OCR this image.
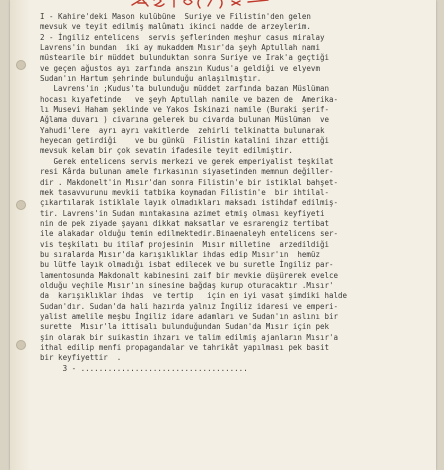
I - Kahire'deki Mason kulübüne  Suriye ve Filistin'den gelen
mevsuk ve teyit edilmiş malûmatı ikinci nadde de arzeylerim.
2 - İngiliz entelicens  servis şeflerinden meşhur casus miralay
Lavrens'in bundan  iki ay mukaddem Mısır'da şeyh Aptullah nami
müstearile bir müddet bulunduktan sonra Suriye ve Irak'a geçtiği
ve geçen ağustos ayı zarfında anszın Kudus'a geldiği ve elyevm
Sudan'ın Hartum şehrinde bulunduğu anlaşılmıştır.
Lavrens'in ;Kudus'ta bulunduğu müddet zarfında bazan Müslüman
hocası kıyafetinde   ve şeyh Aptullah namile ve bazen de  Amerika-
lı Musevi Haham şeklinde ve Yakos İskinazi namile (Buraki şerif-
Ağlama duvarı ) civarına gelerek bu civarda bulunan Müslüman  ve
Yahudi'lere  ayrı ayrı vakitlerde  zehirli telkinatta bulunarak
heyecan getirdiği    ve bu günkü  Filistin katalini ihzar ettiği
mevsuk kelam bir çok sevatin ifadesile teyit edilmiştir.
Gerek entelicens servis merkezi ve gerek emperiyalist teşkilat
resi Kârda bulunan amele fırkasının siyasetinden memnun değiller-
dir . Makdonelt'in Mısır'dan sonra Filistin'e bir istiklal bahşet-
mek tasavvurunu mevkii tatbika koymadan Filistin'e  bir ihtilal-
çıkartılarak istiklale layık olmadıkları maksadı istihdaf edilmiş-
tir. Lavrens'in Sudan mıntakasına azimet etmiş olması keyfiyeti
nin de pek ziyade şayanı dikkat maksatlar ve esrarengiz tertibat
ile alakadar olduğu temin edilmektedir.Binaenaleyh entelicens ser-
vis teşkilatı bu itilaf projesinin  Mısır milletine  arzedildiği
bu sıralarda Mısır'da karışıklıklar ihdas edip Mısır'ın  hemüz
bu lütfe layık olmadığı isbat edilecek ve bu suretle İngiliz par-
lamentosunda Makdonalt kabinesini zaif bir mevkie düşürerek evelce
olduğu veçhile Mısır'ın sinesine bağdaş kurup oturacaktır .Mısır'
da  karışıklıklar ihdas  ve tertip   için en iyi vasat şimdiki halde
Sudan'dır. Sudan'da hali hazırda yalnız İngiliz idaresi ve emperi-
yalist amelile meşbu İngiliz idare adamları ve Sudan'ın aslını bir
surette  Mısır'la ittisalı bulunduğundan Sudan'da Mısır için pek
şin olarak bir suikastin ihzarı ve talim edilmiş ajanların Mısır'a
ithal edilip menfi propagandalar ve tahrikât yapılması pek basit
bir keyfiyettir  .
3 - .....................................
